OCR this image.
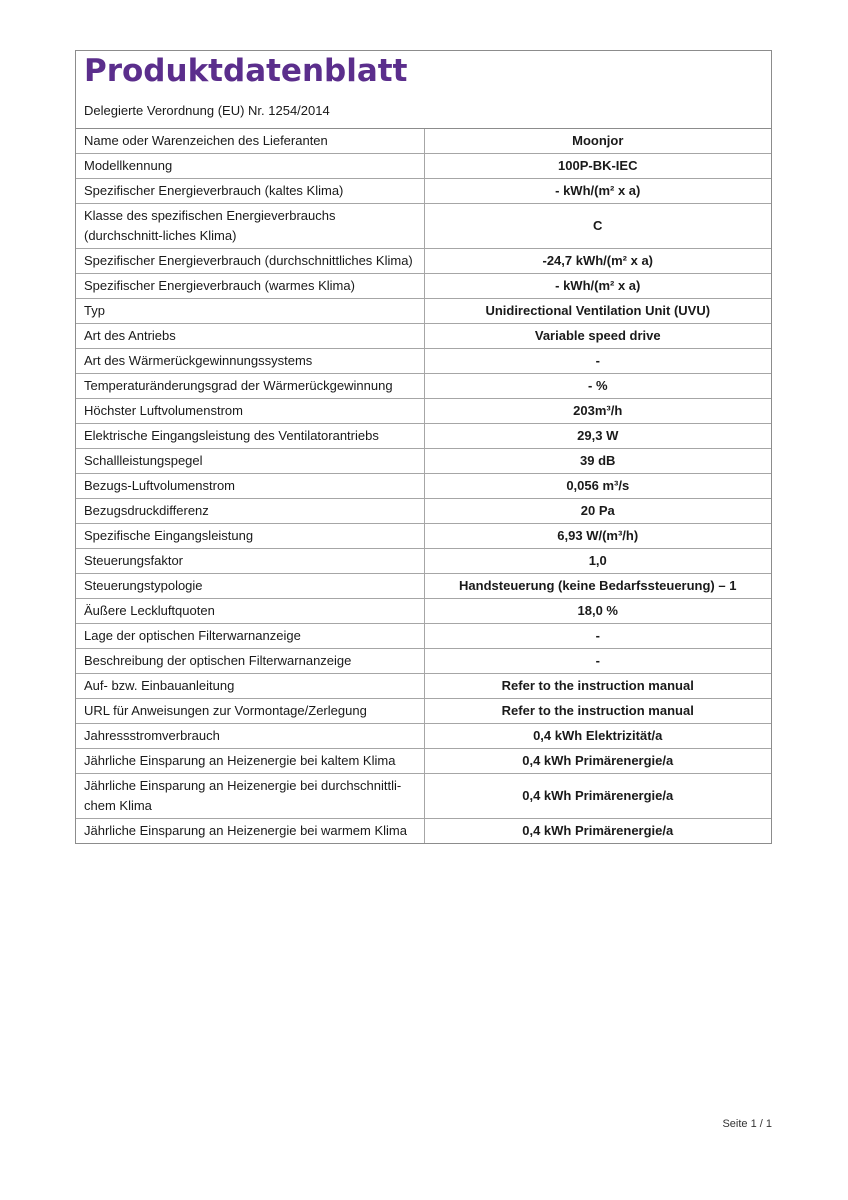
Produktdatenblatt
Delegierte Verordnung (EU) Nr. 1254/2014
Name oder Warenzeichen des Lieferanten	Moonjor
Modellkennung	100P-BK-IEC
Spezifischer Energieverbrauch (kaltes Klima)	- kWh/(m² x a)
Klasse des spezifischen Energieverbrauchs (durchschnitt-liches Klima)	C
Spezifischer Energieverbrauch (durchschnittliches Klima)	-24,7 kWh/(m² x a)
Spezifischer Energieverbrauch (warmes Klima)	- kWh/(m² x a)
Typ	Unidirectional Ventilation Unit (UVU)
Art des Antriebs	Variable speed drive
Art des Wärmerückgewinnungssystems	-
Temperaturänderungsgrad der Wärmerückgewinnung	- %
Höchster Luftvolumenstrom	203m³/h
Elektrische Eingangsleistung des Ventilatorantriebs	29,3 W
Schallleistungspegel	39 dB
Bezugs-Luftvolumenstrom	0,056 m³/s
Bezugsdruckdifferenz	20 Pa
Spezifische Eingangsleistung	6,93 W/(m³/h)
Steuerungsfaktor	1,0
Steuerungstypologie	Handsteuerung (keine Bedarfssteuerung) – 1
Äußere Leckluftquoten	18,0 %
Lage der optischen Filterwarnanzeige	-
Beschreibung der optischen Filterwarnanzeige	-
Auf- bzw. Einbauanleitung	Refer to the instruction manual
URL für Anweisungen zur Vormontage/Zerlegung	Refer to the instruction manual
Jahressstromverbrauch	0,4 kWh Elektrizität/a
Jährliche Einsparung an Heizenergie bei kaltem Klima	0,4 kWh Primärenergie/a
Jährliche Einsparung an Heizenergie bei durchschnittli-chem Klima	0,4 kWh Primärenergie/a
Jährliche Einsparung an Heizenergie bei warmem Klima	0,4 kWh Primärenergie/a
Seite 1 / 1
